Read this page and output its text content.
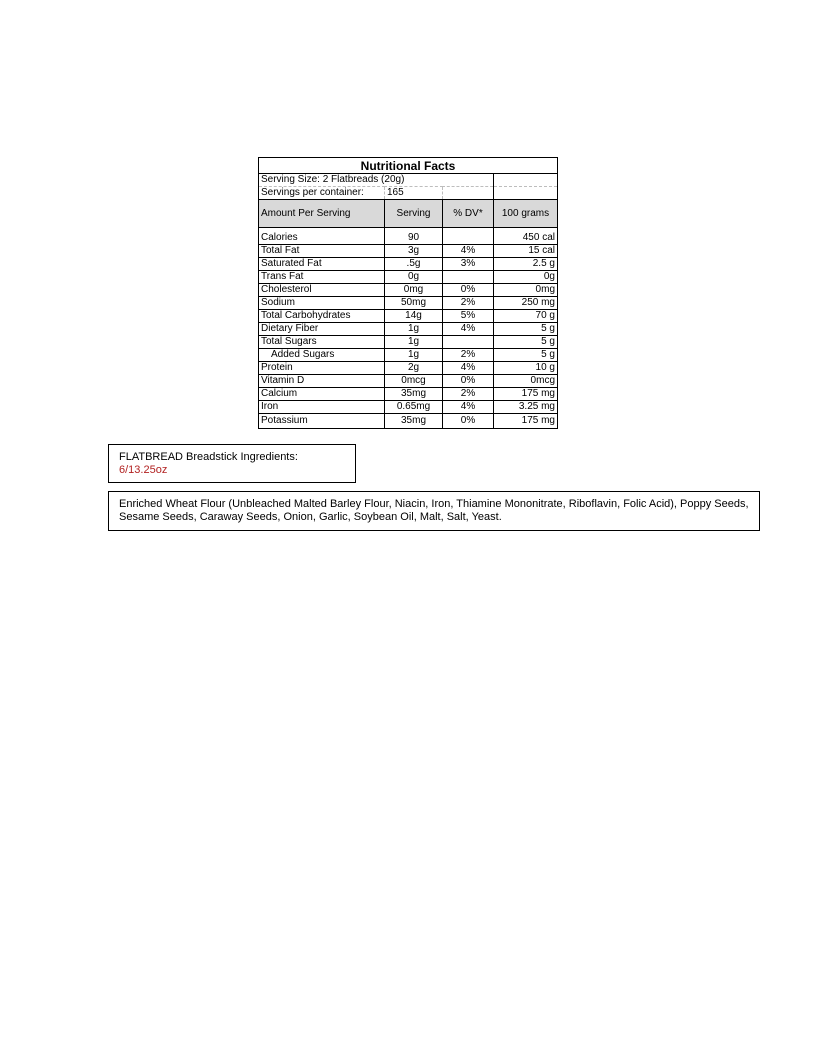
Nutritional Facts			
Serving Size: 2 Flatbreads (20g)			
Servings per container:	165		
Amount Per Serving	Serving	% DV*	100 grams

Calories	90		450 cal
Total Fat	3g	4%	15 cal
Saturated Fat	.5g	3%	2.5 g
Trans Fat	0g		0g
Cholesterol	0mg	0%	0mg
Sodium	50mg	2%	250 mg
Total Carbohydrates	14g	5%	70 g
Dietary Fiber	1g	4%	5 g
Total Sugars	1g		5 g
Added Sugars	1g	2%	5 g
Protein	2g	4%	10 g
Vitamin D	0mcg	0%	0mcg
Calcium	35mg	2%	175 mg
Iron	0.65mg	4%	3.25 mg
Potassium	35mg	0%	175 mg
FLATBREAD Breadstick Ingredients:
6/13.25oz
Enriched Wheat Flour (Unbleached Malted Barley Flour, Niacin, Iron, Thiamine Mononitrate, Riboflavin, Folic Acid), Poppy Seeds, Sesame Seeds, Caraway Seeds, Onion, Garlic, Soybean Oil, Malt, Salt, Yeast.
